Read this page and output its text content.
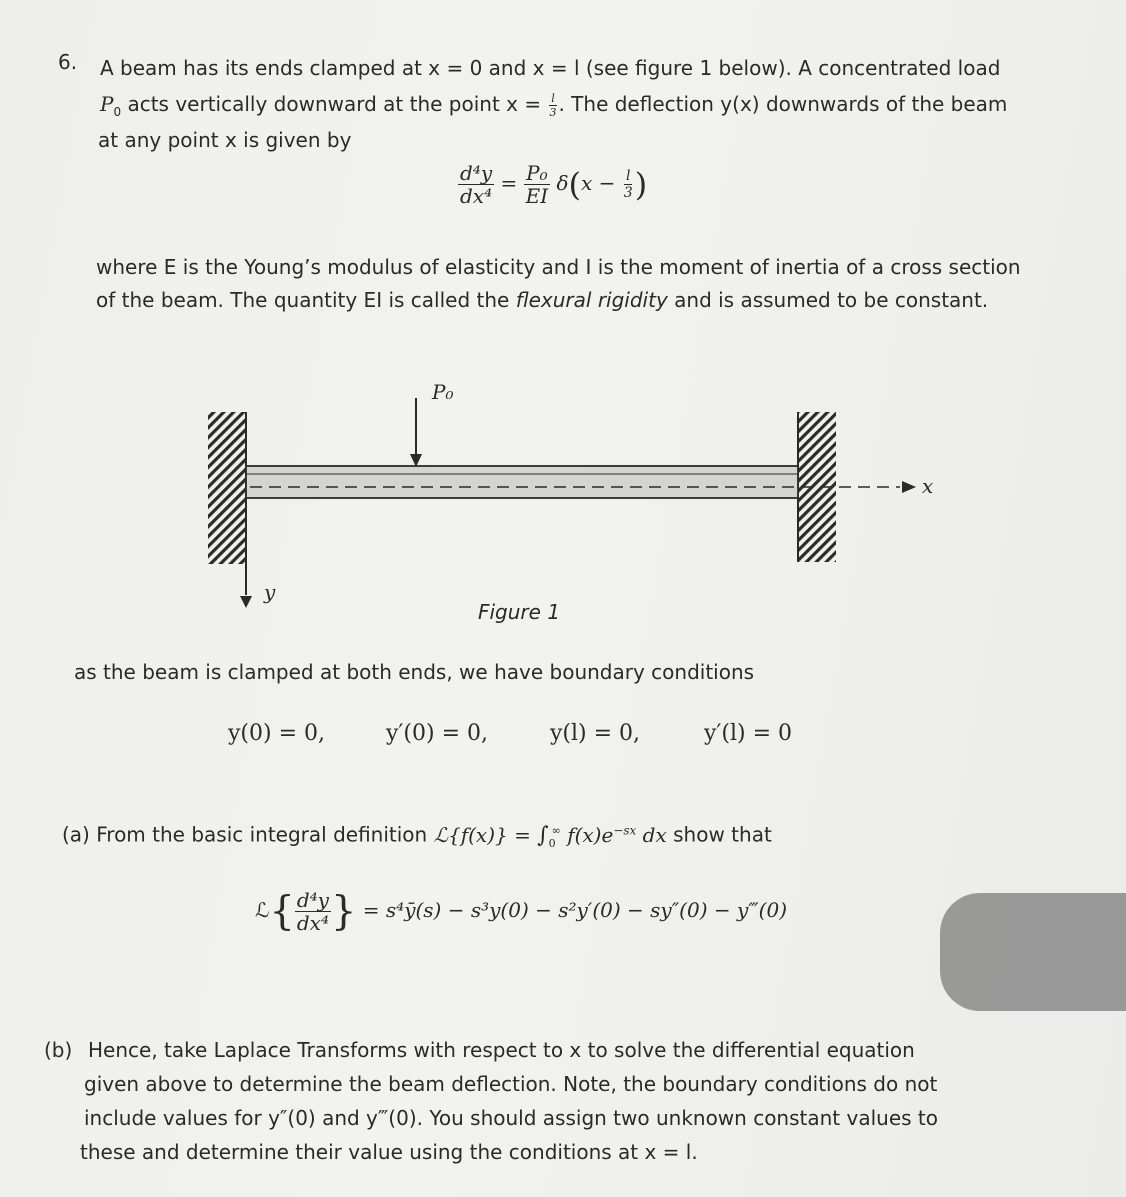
6. A beam has its ends clamped at x = 0 and x = l (see figure 1 below). A concentrated load
$P_0$ acts vertically downward at the point $x = \frac{l}{3}$ . The deflection y(x) downwards of the beam
at any point x is given by
$\frac{\text{d⁴y}}{\text{dx⁴}} = \frac{\text{P₀}}{EI} \delta(x - \frac{l}{3}$ )
where E is the Young’s modulus of elasticity and I is the moment of inertia of a cross section
of the beam. The quantity EI is called the flexural rigidity and is assumed to be constant.
P₀
x
y
Figure 1
as the beam is clamped at both ends, we have boundary conditions
y(0) = 0,	y′(0) = 0,	y(l) = 0,	y′(l) = 0
(a) From the basic integral definition ℒ{f(x)} = $\int_0^\infty$ $f(x)e^{-sx}$ dx show that
ℒ{ $\frac{\text{d⁴y}}{\text{dx⁴}}$ } = s⁴ȳ(s) − s³y(0) − s²y′(0) − sy″(0) − y‴(0)
(b) Hence, take Laplace Transforms with respect to x to solve the differential equation
given above to determine the beam deflection. Note, the boundary conditions do not
include values for y″(0) and y‴(0). You should assign two unknown constant values to
these and determine their value using the conditions at x = l.
